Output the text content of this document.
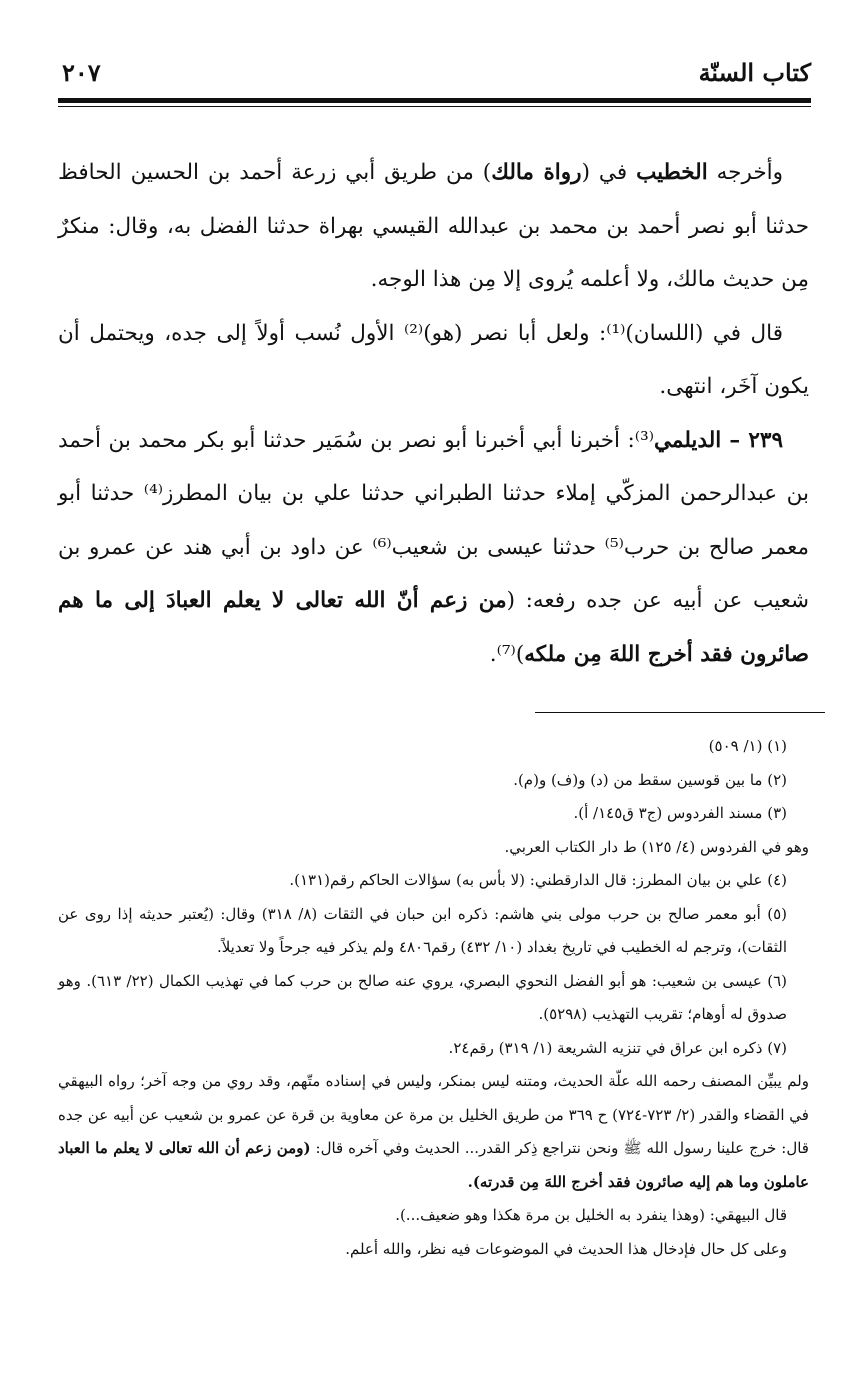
كتاب السنّة
٢٠٧

وأخرجه الخطيب في (رواة مالك) من طريق أبي زرعة أحمد بن الحسين الحافظ حدثنا أبو نصر أحمد بن محمد بن عبدالله القيسي بهراة حدثنا الفضل به، وقال: منكرٌ مِن حديث مالك، ولا أعلمه يُروى إلا مِن هذا الوجه.

قال في (اللسان)⁽¹⁾: ولعل أبا نصر (هو)⁽²⁾ الأول نُسب أولاً إلى جده، ويحتمل أن يكون آخَر، انتهى.

٢٣٩ – الديلمي⁽³⁾: أخبرنا أبي أخبرنا أبو نصر بن سُمَير حدثنا أبو بكر محمد بن أحمد بن عبدالرحمن المزكّي إملاء حدثنا الطبراني حدثنا علي بن بيان المطرز⁽⁴⁾ حدثنا أبو معمر صالح بن حرب⁽⁵⁾ حدثنا عيسى بن شعيب⁽⁶⁾ عن داود بن أبي هند عن عمرو بن شعيب عن أبيه عن جده رفعه: (من زعم أنّ الله تعالى لا يعلم العبادَ إلى ما هم صائرون فقد أخرج اللهَ مِن ملكه)⁽⁷⁾.

(١) (١/ ٥٠٩)

(٢) ما بين قوسين سقط من (د) و(ف) و(م).

(٣) مسند الفردوس (ج٣ ق١٤٥/ أ).

وهو في الفردوس (٤/ ١٢٥) ط دار الكتاب العربي.

(٤) علي بن بيان المطرز: قال الدارقطني: (لا بأس به) سؤالات الحاكم رقم(١٣١).

(٥) أبو معمر صالح بن حرب مولى بني هاشم: ذكره ابن حبان في الثقات (٨/ ٣١٨) وقال: (يُعتبر حديثه إذا روى عن الثقات)، وترجم له الخطيب في تاريخ بغداد (١٠/ ٤٣٢) رقم٤٨٠٦ ولم يذكر فيه جرحاً ولا تعديلاً.

(٦) عيسى بن شعيب: هو أبو الفضل النحوي البصري، يروي عنه صالح بن حرب كما في تهذيب الكمال (٢٢/ ٦١٣). وهو صدوق له أوهام؛ تقريب التهذيب (٥٢٩٨).

(٧) ذكره ابن عراق في تنزيه الشريعة (١/ ٣١٩) رقم٢٤.

ولم يبيِّن المصنف رحمه الله علّة الحديث، ومتنه ليس بمنكر، وليس في إسناده متّهم، وقد روي من وجه آخر؛ رواه البيهقي في القضاء والقدر (٢/ ٧٢٣-٧٢٤) ح ٣٦٩ من طريق الخليل بن مرة عن معاوية بن قرة عن عمرو بن شعيب عن أبيه عن جده قال: خرج علينا رسول الله ﷺ ونحن نتراجع ذِكر القدر... الحديث وفي آخره قال: (ومن زعم أن الله تعالى لا يعلم ما العباد عاملون وما هم إليه صائرون فقد أخرج اللهَ مِن قدرته).

قال البيهقي: (وهذا ينفرد به الخليل بن مرة هكذا وهو ضعيف...).

وعلى كل حال فإدخال هذا الحديث في الموضوعات فيه نظر، والله أعلم.
